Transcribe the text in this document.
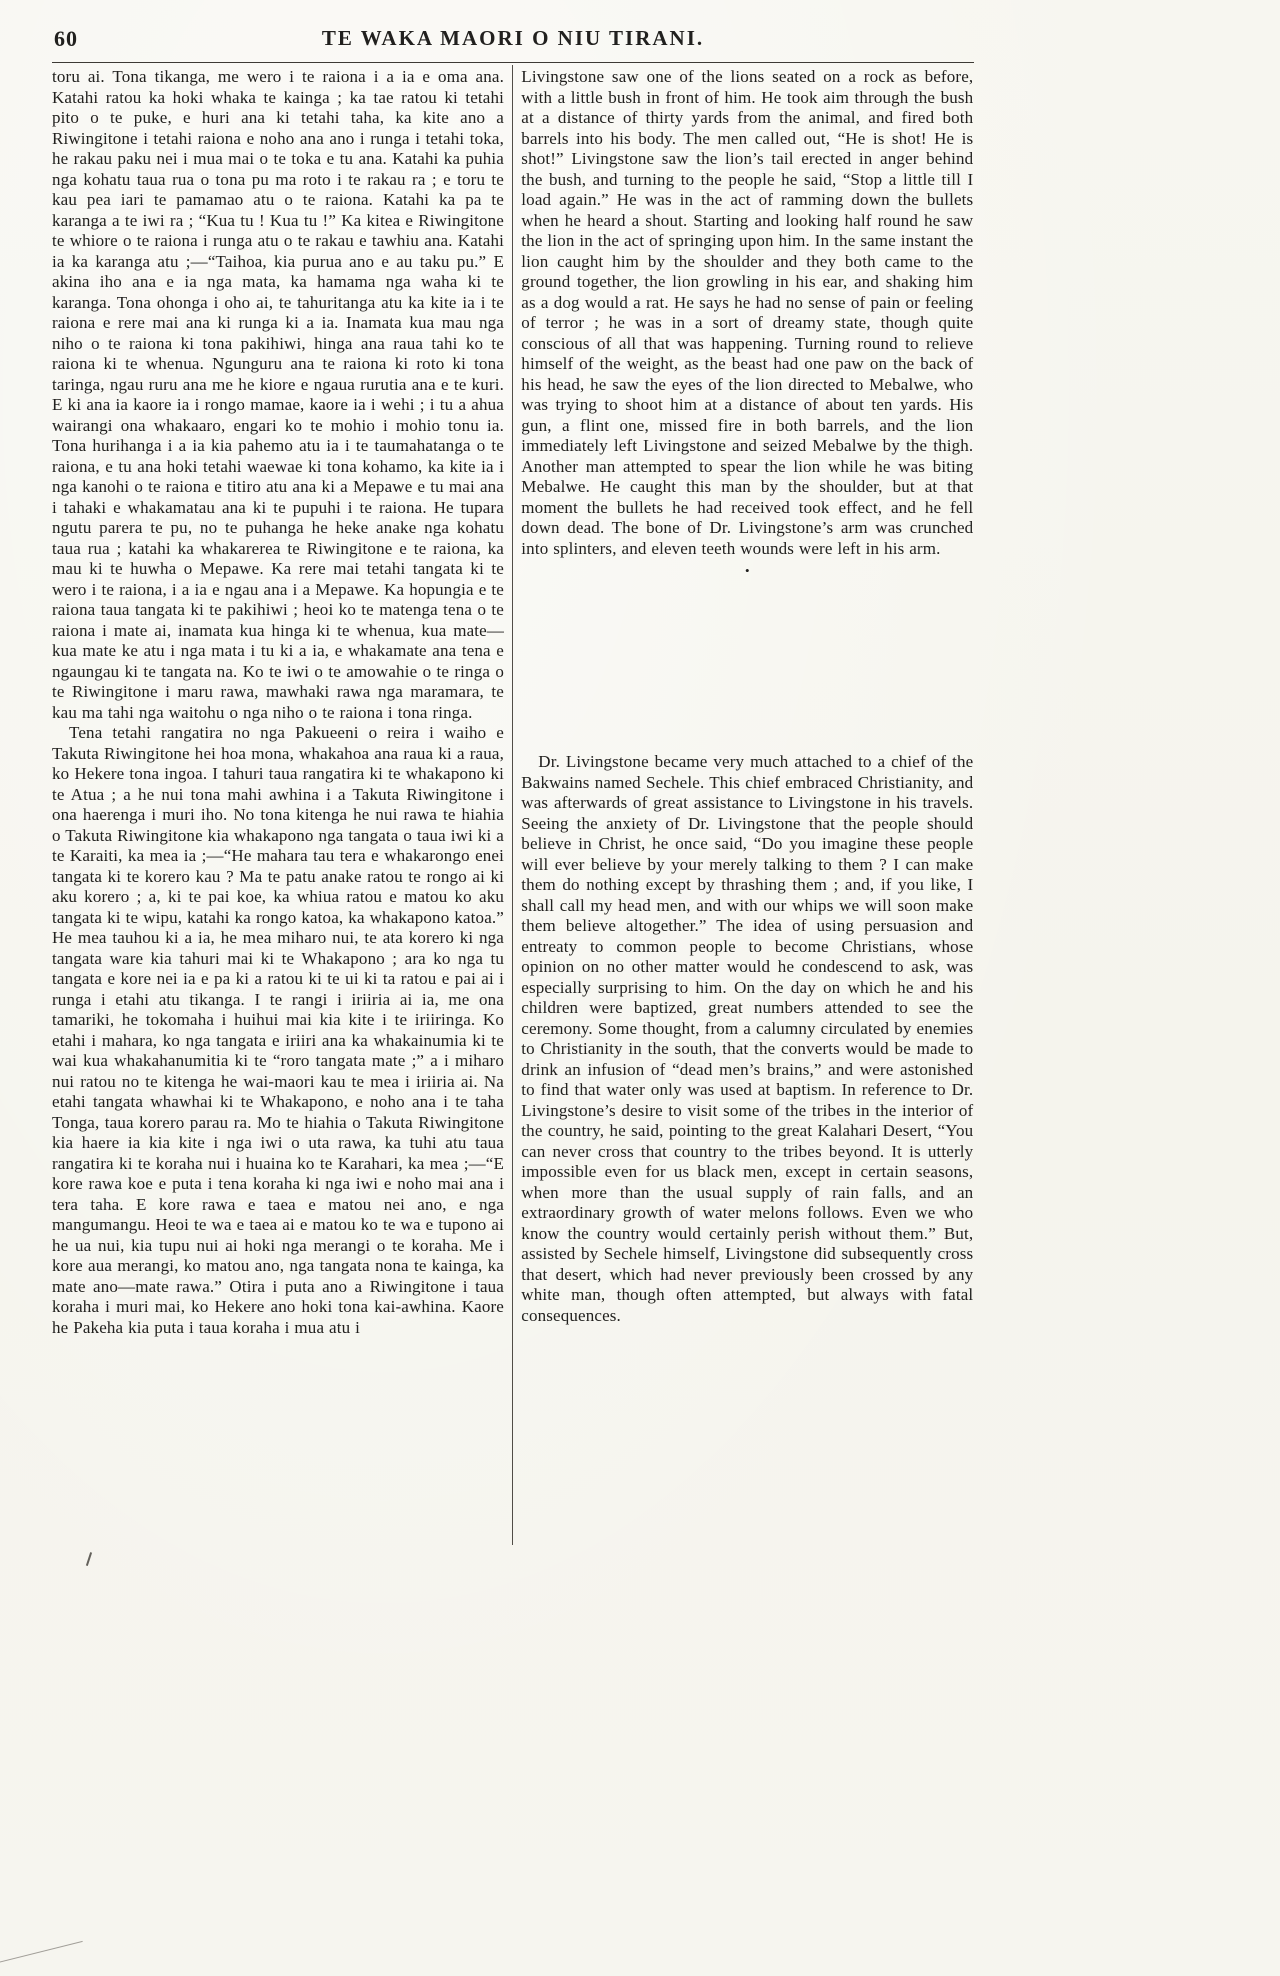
60	TE WAKA MAORI O NIU TIRANI.

toru ai. Tona tikanga, me wero i te raiona i a ia e oma ana. Katahi ratou ka hoki whaka te kainga ; ka tae ratou ki tetahi pito o te puke, e huri ana ki tetahi taha, ka kite ano a Riwingitone i tetahi raiona e noho ana ano i runga i tetahi toka, he rakau paku nei i mua mai o te toka e tu ana. Katahi ka puhia nga kohatu taua rua o tona pu ma roto i te rakau ra ; e toru te kau pea iari te pamamao atu o te raiona. Katahi ka pa te karanga a te iwi ra ; “Kua tu ! Kua tu !” Ka kitea e Riwingitone te whiore o te raiona i runga atu o te rakau e tawhiu ana. Katahi ia ka karanga atu ;—“Taihoa, kia purua ano e au taku pu.” E akina iho ana e ia nga mata, ka hamama nga waha ki te karanga. Tona ohonga i oho ai, te tahuritanga atu ka kite ia i te raiona e rere mai ana ki runga ki a ia. Inamata kua mau nga niho o te raiona ki tona pakihiwi, hinga ana raua tahi ko te raiona ki te whenua. Ngunguru ana te raiona ki roto ki tona taringa, ngau ruru ana me he kiore e ngaua rurutia ana e te kuri. E ki ana ia kaore ia i rongo mamae, kaore ia i wehi ; i tu a ahua wairangi ona whakaaro, engari ko te mohio i mohio tonu ia. Tona hurihanga i a ia kia pahemo atu ia i te taumahatanga o te raiona, e tu ana hoki tetahi waewae ki tona kohamo, ka kite ia i nga kanohi o te raiona e titiro atu ana ki a Mepawe e tu mai ana i tahaki e whakamatau ana ki te pupuhi i te raiona. He tupara ngutu parera te pu, no te puhanga he heke anake nga kohatu taua rua ; katahi ka whakarerea te Riwingitone e te raiona, ka mau ki te huwha o Mepawe. Ka rere mai tetahi tangata ki te wero i te raiona, i a ia e ngau ana i a Mepawe. Ka hopungia e te raiona taua tangata ki te pakihiwi ; heoi ko te matenga tena o te raiona i mate ai, inamata kua hinga ki te whenua, kua mate—kua mate ke atu i nga mata i tu ki a ia, e whakamate ana tena e ngaungau ki te tangata na. Ko te iwi o te amowahie o te ringa o te Riwingitone i maru rawa, mawhaki rawa nga maramara, te kau ma tahi nga waitohu o nga niho o te raiona i tona ringa.

Tena tetahi rangatira no nga Pakueeni o reira i waiho e Takuta Riwingitone hei hoa mona, whakahoa ana raua ki a raua, ko Hekere tona ingoa. I tahuri taua rangatira ki te whakapono ki te Atua ; a he nui tona mahi awhina i a Takuta Riwingitone i ona haerenga i muri iho. No tona kitenga he nui rawa te hiahia o Takuta Riwingitone kia whakapono nga tangata o taua iwi ki a te Karaiti, ka mea ia ;—“He mahara tau tera e whakarongo enei tangata ki te korero kau ? Ma te patu anake ratou te rongo ai ki aku korero ; a, ki te pai koe, ka whiua ratou e matou ko aku tangata ki te wipu, katahi ka rongo katoa, ka whakapono katoa.” He mea tauhou ki a ia, he mea miharo nui, te ata korero ki nga tangata ware kia tahuri mai ki te Whakapono ; ara ko nga tu tangata e kore nei ia e pa ki a ratou ki te ui ki ta ratou e pai ai i runga i etahi atu tikanga. I te rangi i iriiria ai ia, me ona tamariki, he tokomaha i huihui mai kia kite i te iriiringa. Ko etahi i mahara, ko nga tangata e iriiri ana ka whakainumia ki te wai kua whakahanumitia ki te “roro tangata mate ;” a i miharo nui ratou no te kitenga he wai-maori kau te mea i iriiria ai. Na etahi tangata whawhai ki te Whakapono, e noho ana i te taha Tonga, taua korero parau ra. Mo te hiahia o Takuta Riwingitone kia haere ia kia kite i nga iwi o uta rawa, ka tuhi atu taua rangatira ki te koraha nui i huaina ko te Karahari, ka mea ;—“E kore rawa koe e puta i tena koraha ki nga iwi e noho mai ana i tera taha. E kore rawa e taea e matou nei ano, e nga mangumangu. Heoi te wa e taea ai e matou ko te wa e tupono ai he ua nui, kia tupu nui ai hoki nga merangi o te koraha. Me i kore aua merangi, ko matou ano, nga tangata nona te kainga, ka mate ano—mate rawa.” Otira i puta ano a Riwingitone i taua koraha i muri mai, ko Hekere ano hoki tona kai-awhina. Kaore he Pakeha kia puta i taua koraha i mua atu i

Livingstone saw one of the lions seated on a rock as before, with a little bush in front of him. He took aim through the bush at a distance of thirty yards from the animal, and fired both barrels into his body. The men called out, “He is shot! He is shot!” Livingstone saw the lion’s tail erected in anger behind the bush, and turning to the people he said, “Stop a little till I load again.” He was in the act of ramming down the bullets when he heard a shout. Starting and looking half round he saw the lion in the act of springing upon him. In the same instant the lion caught him by the shoulder and they both came to the ground together, the lion growling in his ear, and shaking him as a dog would a rat. He says he had no sense of pain or feeling of terror ; he was in a sort of dreamy state, though quite conscious of all that was happening. Turning round to relieve himself of the weight, as the beast had one paw on the back of his head, he saw the eyes of the lion directed to Mebalwe, who was trying to shoot him at a distance of about ten yards. His gun, a flint one, missed fire in both barrels, and the lion immediately left Livingstone and seized Mebalwe by the thigh. Another man attempted to spear the lion while he was biting Mebalwe. He caught this man by the shoulder, but at that moment the bullets he had received took effect, and he fell down dead. The bone of Dr. Livingstone’s arm was crunched into splinters, and eleven teeth wounds were left in his arm.

•

Dr. Livingstone became very much attached to a chief of the Bakwains named Sechele. This chief embraced Christianity, and was afterwards of great assistance to Livingstone in his travels. Seeing the anxiety of Dr. Livingstone that the people should believe in Christ, he once said, “Do you imagine these people will ever believe by your merely talking to them ? I can make them do nothing except by thrashing them ; and, if you like, I shall call my head men, and with our whips we will soon make them believe altogether.” The idea of using persuasion and entreaty to common people to become Christians, whose opinion on no other matter would he condescend to ask, was especially surprising to him. On the day on which he and his children were baptized, great numbers attended to see the ceremony. Some thought, from a calumny circulated by enemies to Christianity in the south, that the converts would be made to drink an infusion of “dead men’s brains,” and were astonished to find that water only was used at baptism. In reference to Dr. Livingstone’s desire to visit some of the tribes in the interior of the country, he said, pointing to the great Kalahari Desert, “You can never cross that country to the tribes beyond. It is utterly impossible even for us black men, except in certain seasons, when more than the usual supply of rain falls, and an extraordinary growth of water melons follows. Even we who know the country would certainly perish without them.” But, assisted by Sechele himself, Livingstone did subsequently cross that desert, which had never previously been crossed by any white man, though often attempted, but always with fatal consequences.
